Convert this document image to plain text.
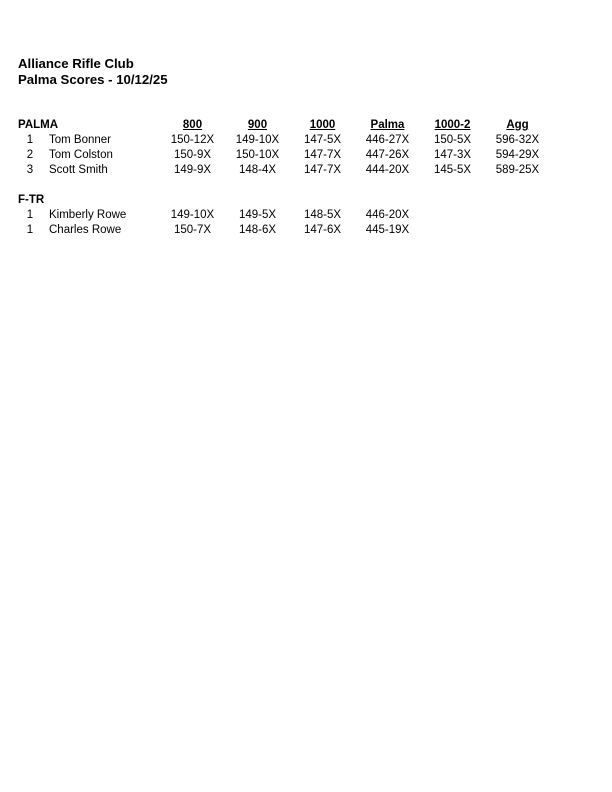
Alliance Rifle Club
Palma Scores - 10/12/25
PALMA		800	900	1000	Palma	1000-2	Agg
1	Tom Bonner	150-12X	149-10X	147-5X	446-27X	150-5X	596-32X
2	Tom Colston	150-9X	150-10X	147-7X	447-26X	147-3X	594-29X
3	Scott Smith	149-9X	148-4X	147-7X	444-20X	145-5X	589-25X

F-TR							
1	Kimberly Rowe	149-10X	149-5X	148-5X	446-20X		
1	Charles Rowe	150-7X	148-6X	147-6X	445-19X		
